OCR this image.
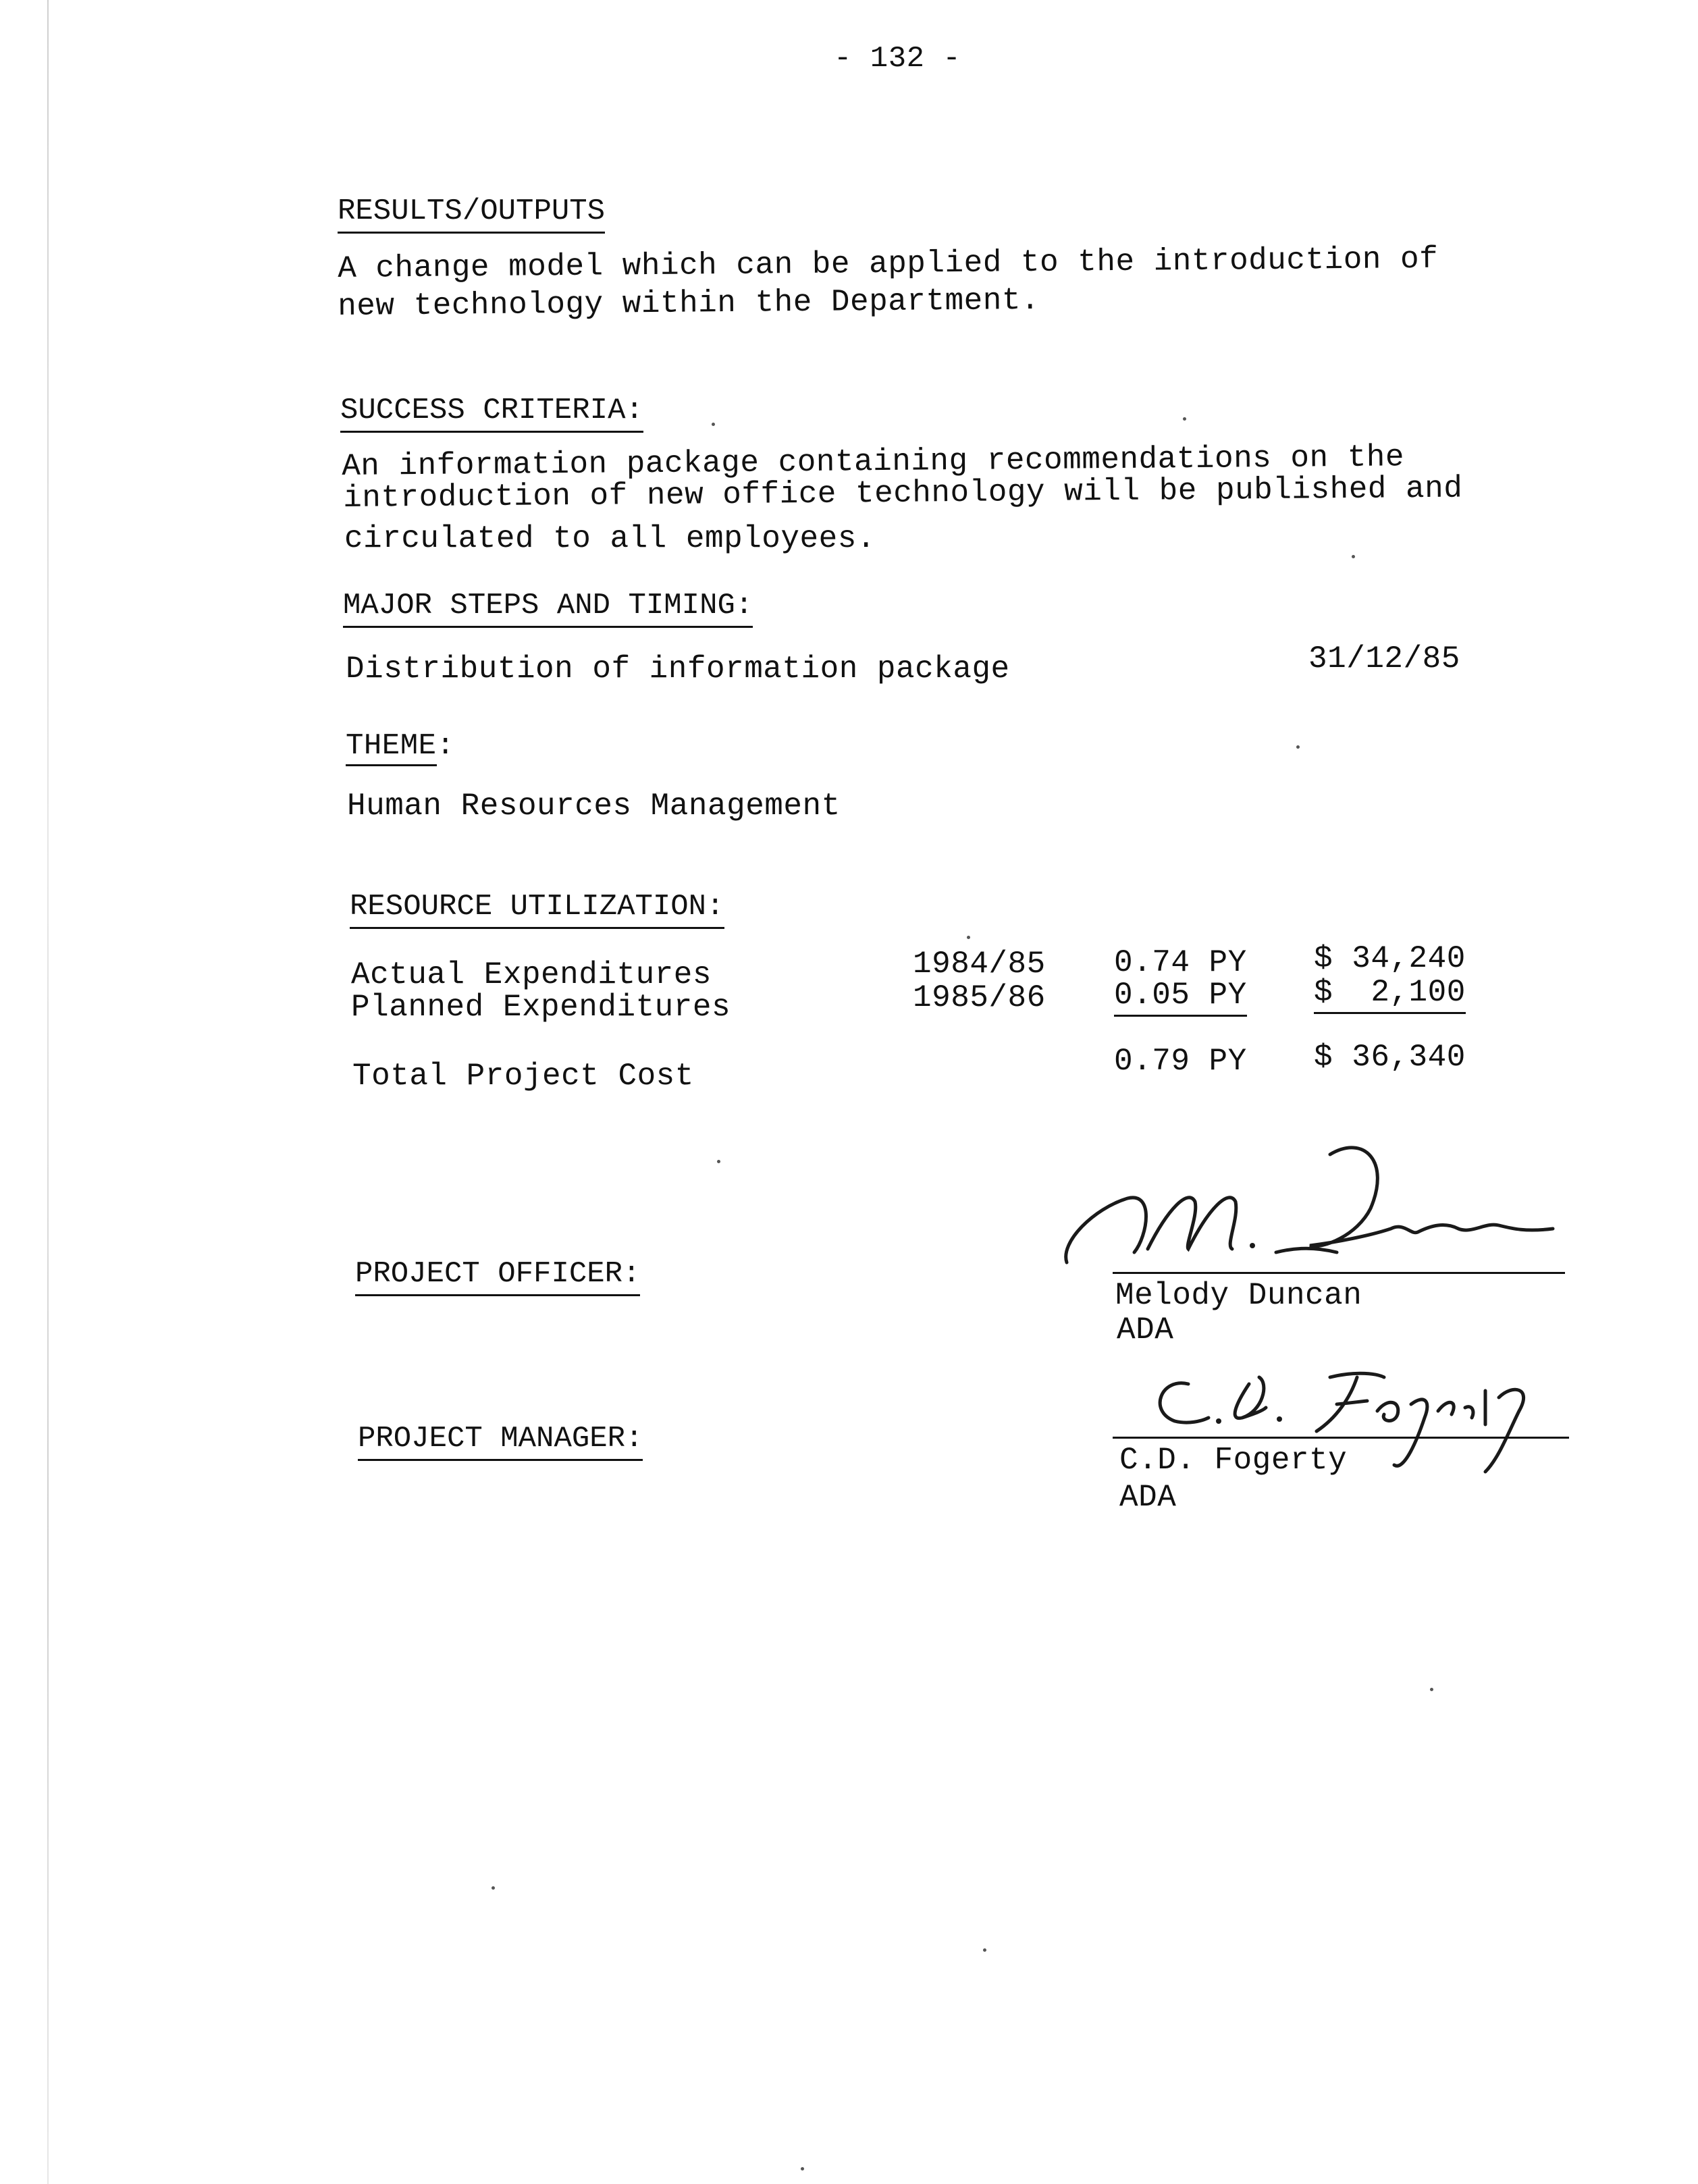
- 132 -
RESULTS/OUTPUTS
A change model which can be applied to the introduction of
new technology within the Department.
SUCCESS CRITERIA:
An information package containing recommendations on the
introduction of new office technology will be published and
circulated to all employees.
MAJOR STEPS AND TIMING:
Distribution of information package	31/12/85
THEME:
Human Resources Management
RESOURCE UTILIZATION:
Actual Expenditures	1984/85 0.74 PY $ 34,240
Planned Expenditures	1985/86 0.05 PY $  2,100
Total Project Cost	0.79 PY $ 36,340
PROJECT OFFICER:
Melody Duncan
ADA
PROJECT MANAGER:
C.D. Fogerty
ADA
